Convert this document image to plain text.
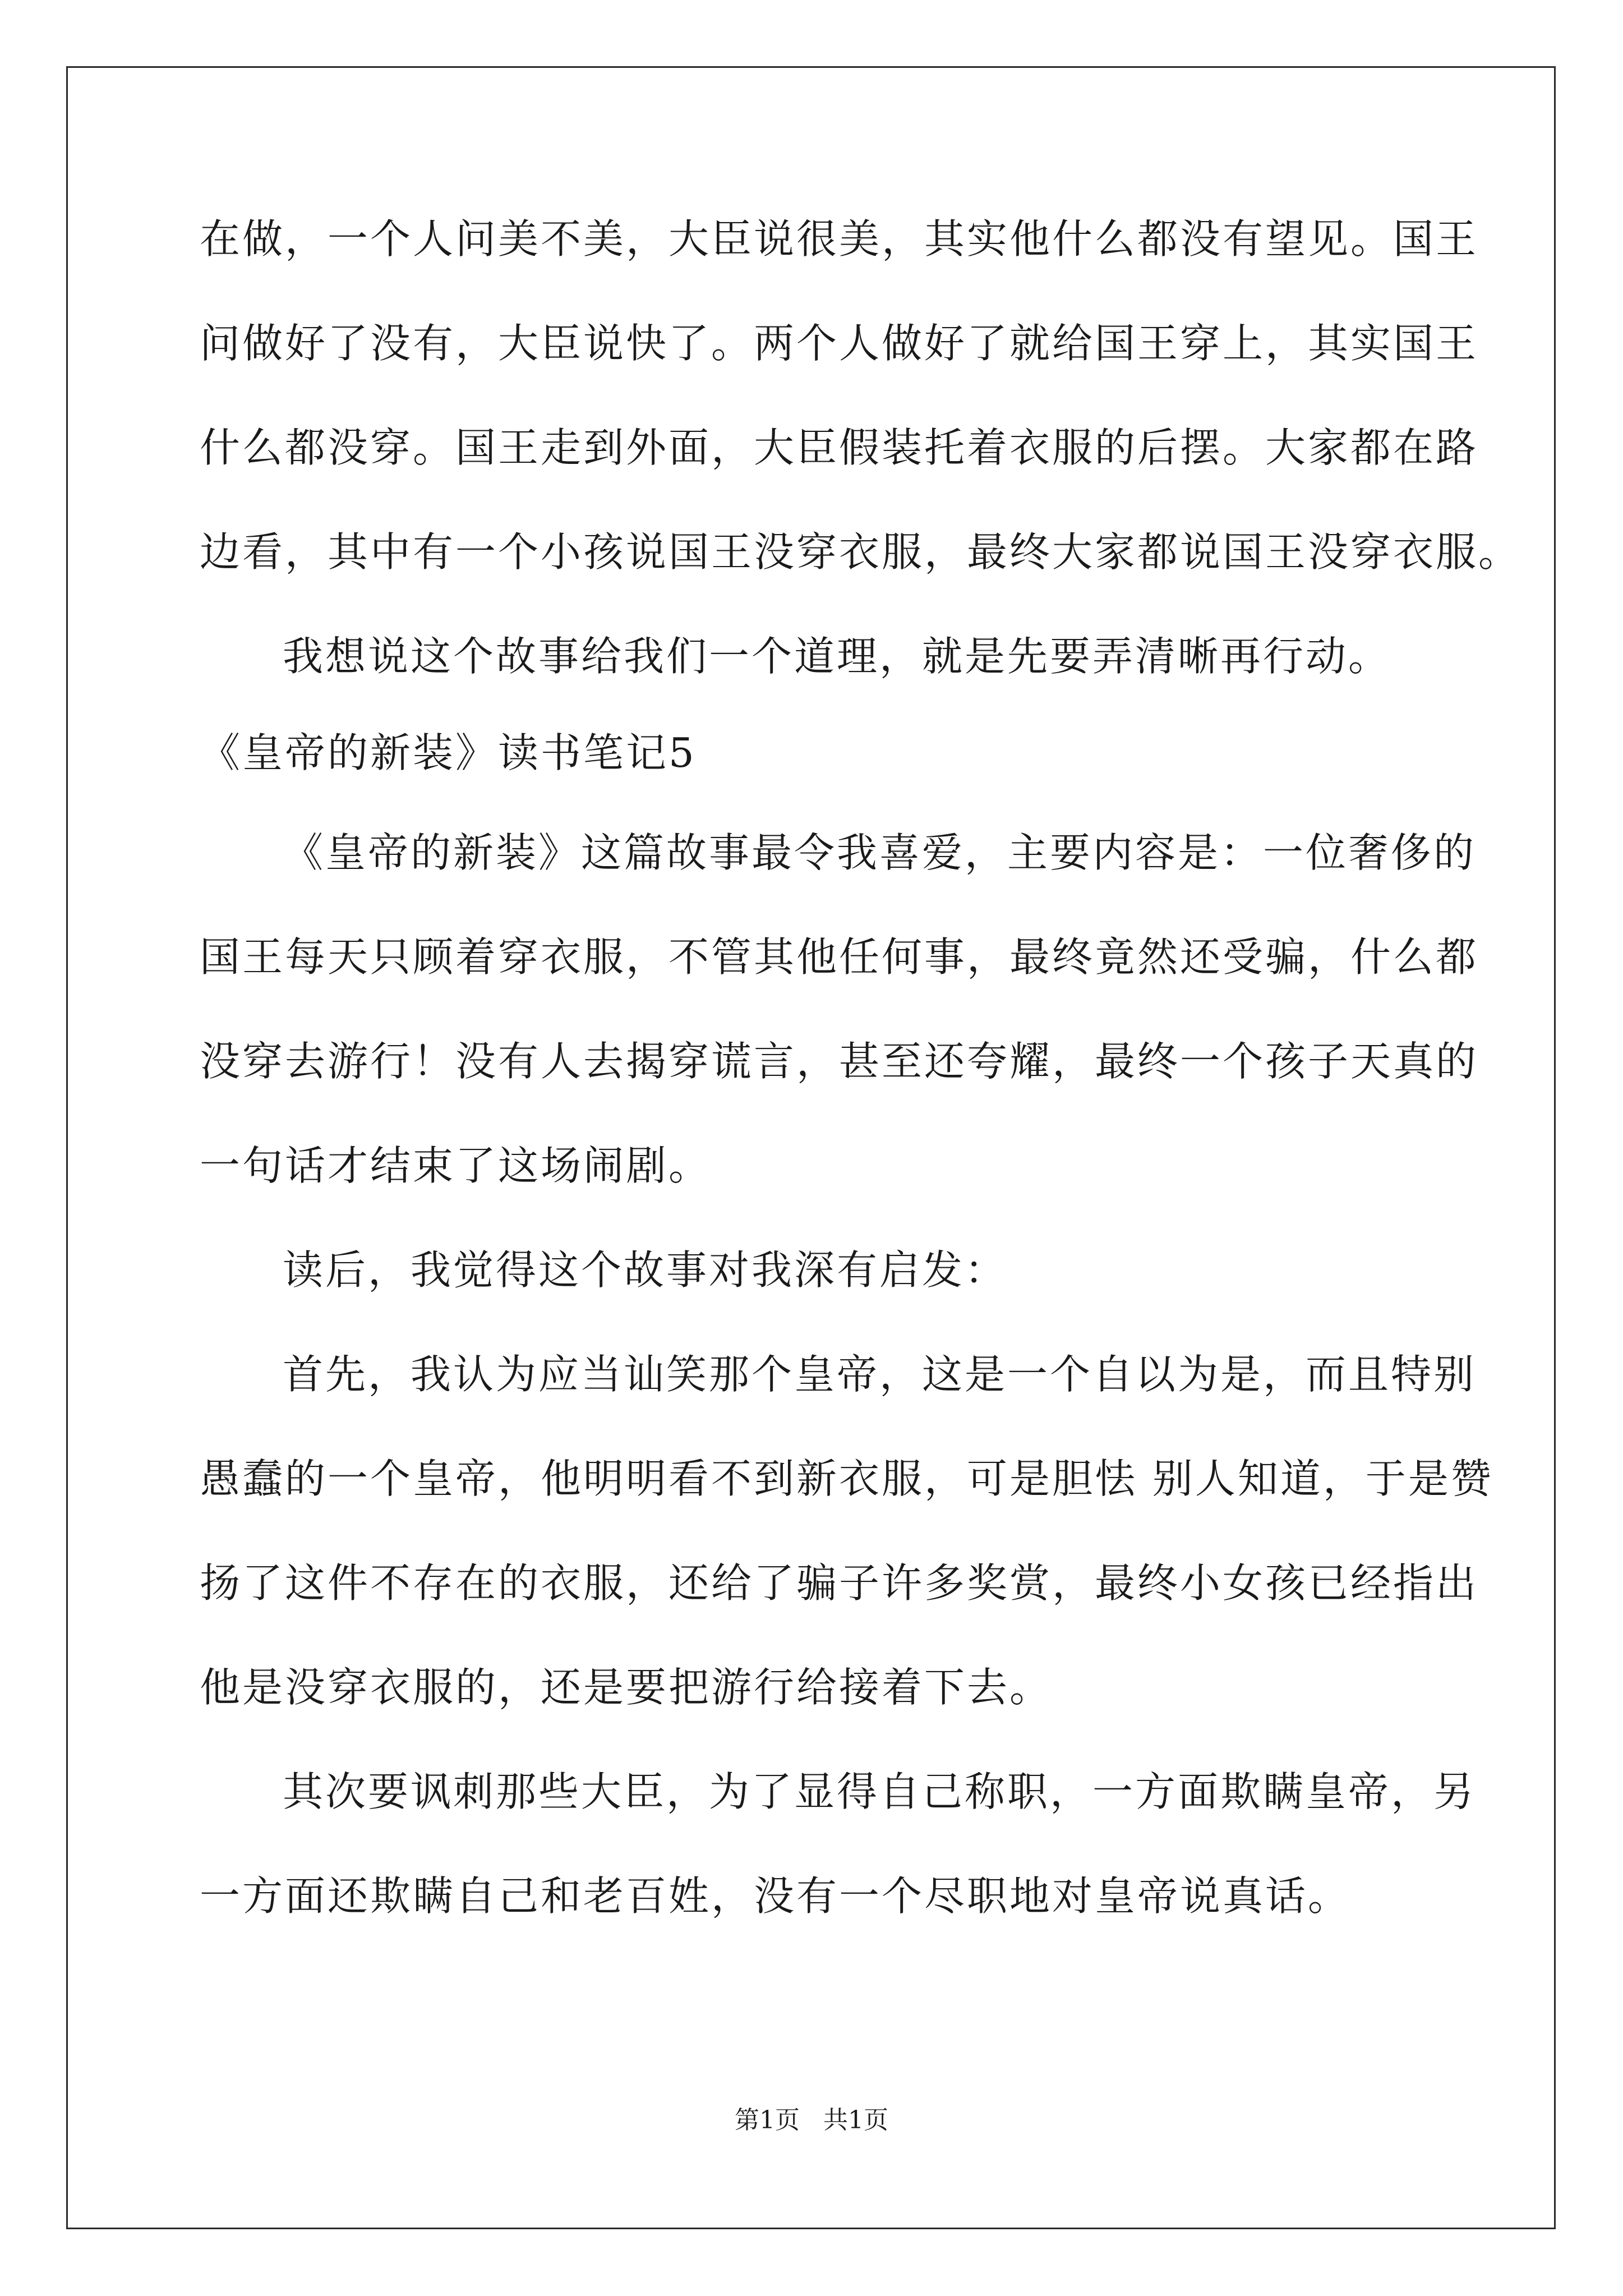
在做，一个人问美不美，大臣说很美，其实他什么都没有望见。国王
问做好了没有，大臣说快了。两个人做好了就给国王穿上，其实国王
什么都没穿。国王走到外面，大臣假装托着衣服的后摆。大家都在路
边看，其中有一个小孩说国王没穿衣服，最终大家都说国王没穿衣服。
我想说这个故事给我们一个道理，就是先要弄清晰再行动。
《皇帝的新装》读书笔记5
《皇帝的新装》这篇故事最令我喜爱，主要内容是：一位奢侈的
国王每天只顾着穿衣服，不管其他任何事，最终竟然还受骗，什么都
没穿去游行！没有人去揭穿谎言，甚至还夸耀，最终一个孩子天真的
一句话才结束了这场闹剧。
读后，我觉得这个故事对我深有启发：
首先，我认为应当讪笑那个皇帝，这是一个自以为是，而且特别
愚蠢的一个皇帝，他明明看不到新衣服，可是胆怯 别人知道，于是赞
扬了这件不存在的衣服，还给了骗子许多奖赏，最终小女孩已经指出
他是没穿衣服的，还是要把游行给接着下去。
其次要讽刺那些大臣，为了显得自己称职，一方面欺瞒皇帝，另
一方面还欺瞒自己和老百姓，没有一个尽职地对皇帝说真话。
第1页 共1页
